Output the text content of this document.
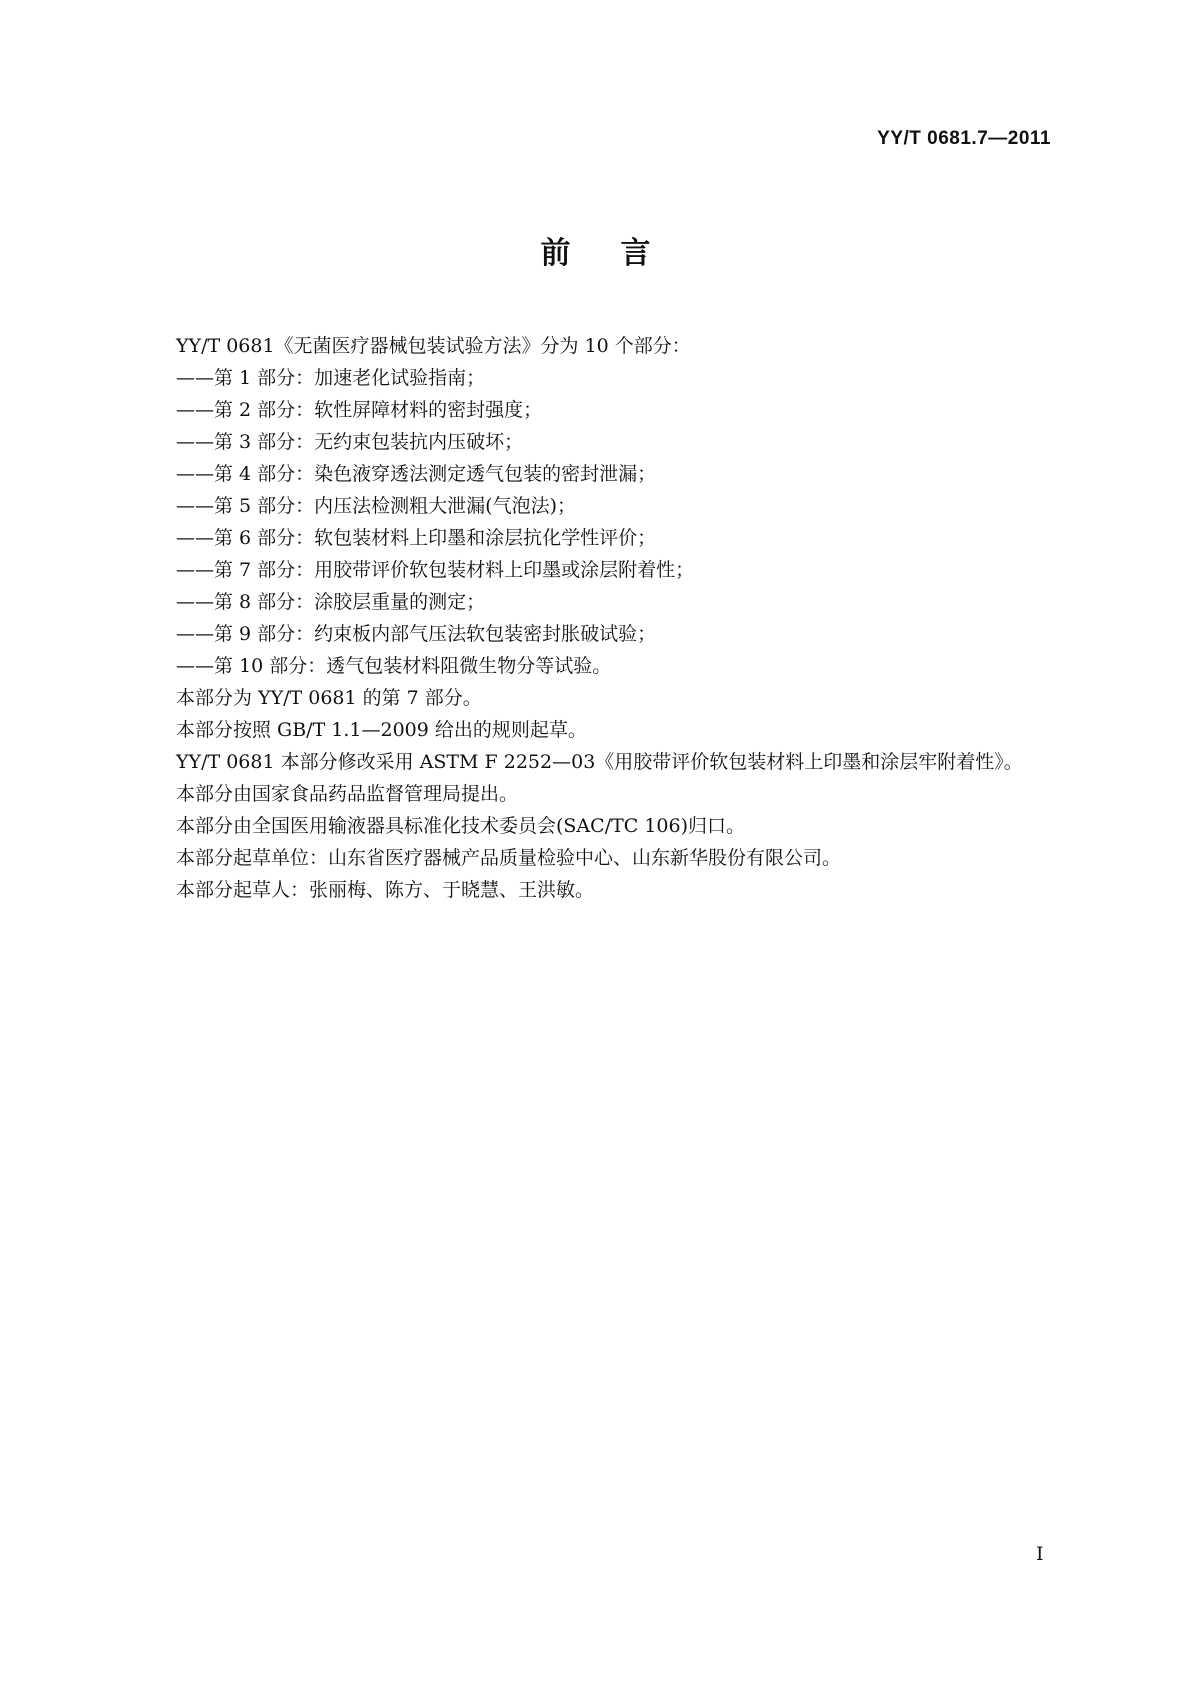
YY/T 0681.7—2011
前言
YY/T 0681《无菌医疗器械包装试验方法》分为 10 个部分：
——第 1 部分：加速老化试验指南；
——第 2 部分：软性屏障材料的密封强度；
——第 3 部分：无约束包装抗内压破坏；
——第 4 部分：染色液穿透法测定透气包装的密封泄漏；
——第 5 部分：内压法检测粗大泄漏(气泡法)；
——第 6 部分：软包装材料上印墨和涂层抗化学性评价；
——第 7 部分：用胶带评价软包装材料上印墨或涂层附着性；
——第 8 部分：涂胶层重量的测定；
——第 9 部分：约束板内部气压法软包装密封胀破试验；
——第 10 部分：透气包装材料阻微生物分等试验。
本部分为 YY/T 0681 的第 7 部分。
本部分按照 GB/T 1.1—2009 给出的规则起草。
YY/T 0681 本部分修改采用 ASTM F 2252—03《用胶带评价软包装材料上印墨和涂层牢附着性》。
本部分由国家食品药品监督管理局提出。
本部分由全国医用输液器具标准化技术委员会(SAC/TC 106)归口。
本部分起草单位：山东省医疗器械产品质量检验中心、山东新华股份有限公司。
本部分起草人：张丽梅、陈方、于晓慧、王洪敏。
I
